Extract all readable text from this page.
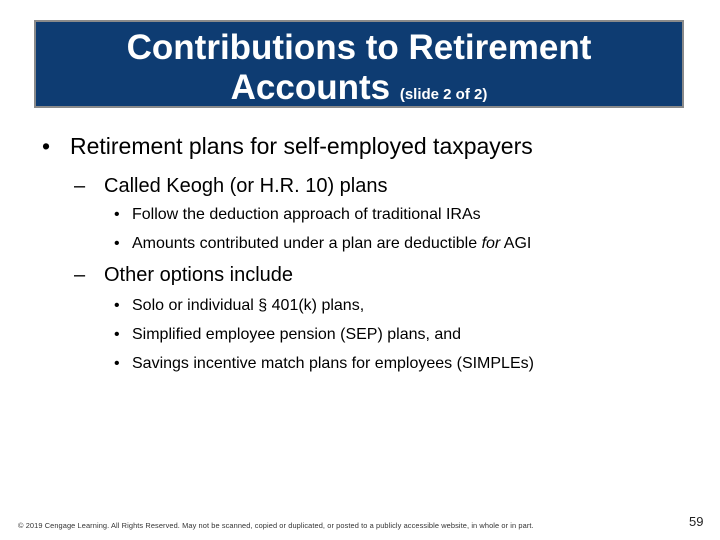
Contributions to Retirement
Accounts (slide 2 of 2)
• Retirement plans for self-employed taxpayers
– Called Keogh (or H.R. 10) plans
• Follow the deduction approach of traditional IRAs
• Amounts contributed under a plan are deductible for AGI
– Other options include
• Solo or individual § 401(k) plans,
• Simplified employee pension (SEP) plans, and
• Savings incentive match plans for employees (SIMPLEs)
© 2019 Cengage Learning. All Rights Reserved. May not be scanned, copied or duplicated, or posted to a publicly accessible website, in whole or in part.	59
